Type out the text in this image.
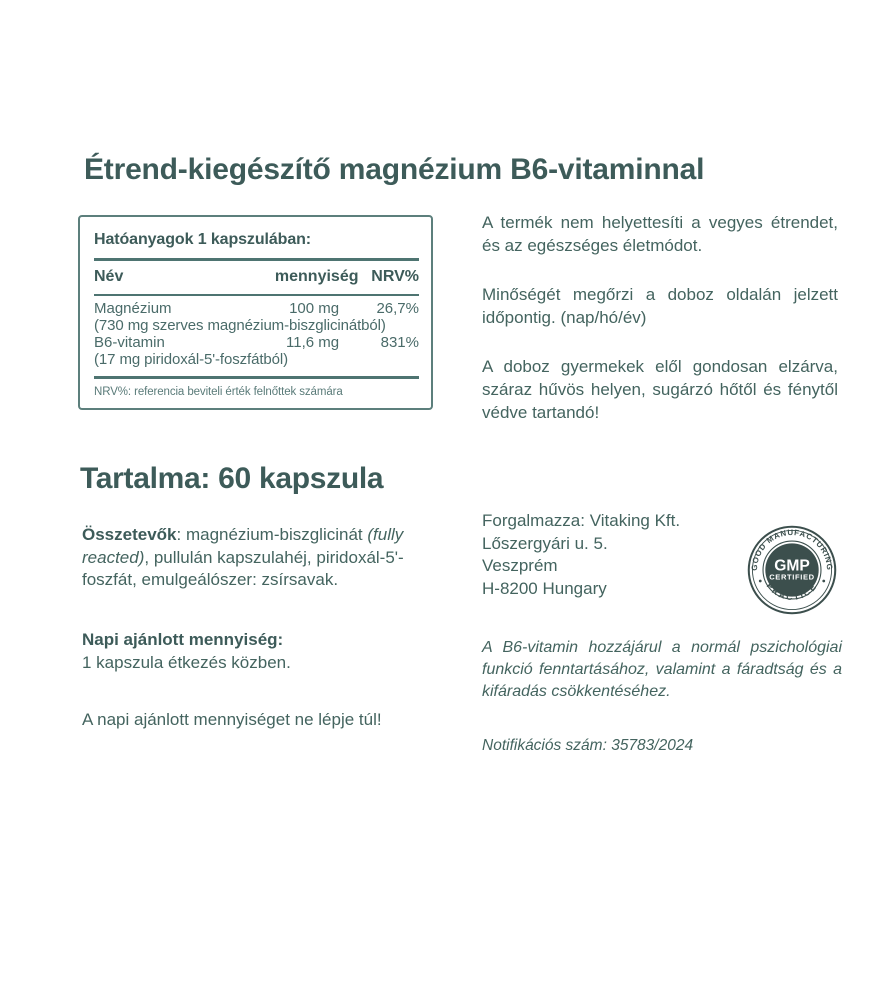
Étrend-kiegészítő magnézium B6-vitaminnal
Hatóanyagok 1 kapszulában:
Név	mennyiség	NRV%
Magnézium	100 mg	26,7%
(730 mg szerves magnézium-biszglicinátból)		
B6-vitamin	11,6 mg	831%
(17 mg piridoxál-5'-foszfátból)		
NRV%: referencia beviteli érték felnőttek számára
Tartalma: 60 kapszula
Összetevők: magnézium-biszglicinát (fully reacted), pullulán kapszulahéj, piridoxál-5'-foszfát, emulgeálószer: zsírsavak.
Napi ajánlott mennyiség:
1 kapszula étkezés közben.
A napi ajánlott mennyiséget ne lépje túl!

A termék nem helyettesíti a vegyes étrendet, és az egészséges életmódot.

Minőségét megőrzi a doboz oldalán jelzett időpontig. (nap/hó/év)

A doboz gyermekek elől gondosan elzárva, száraz hűvös helyen, sugárzó hőtől és fénytől védve tartandó!

Forgalmazza: Vitaking Kft.
Lőszergyári u. 5.
Veszprém
H-8200 Hungary
GOOD MANUFACTURING
PRACTICE
GMP
CERTIFIED
A B6-vitamin hozzájárul a normál pszichológiai funkció fenntartásához, valamint a fáradtság és a kifáradás csökkentéséhez.
Notifikációs szám: 35783/2024
